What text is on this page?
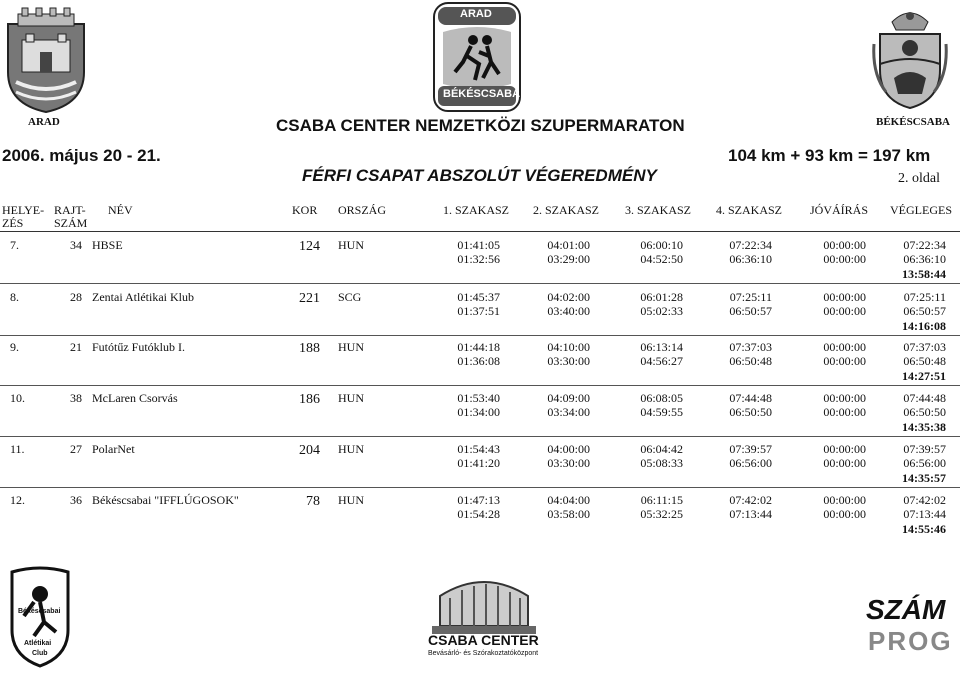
ARAD
ARAD
BÉKÉSCSABA
BÉKÉSCSABA
CSABA CENTER NEMZETKÖZI SZUPERMARATON
2006. május 20 - 21.	104 km + 93 km = 197 km
FÉRFI CSAPAT ABSZOLÚT VÉGEREDMÉNY	2. oldal
HELYE-
ZÉS
RAJT-
SZÁM
NÉV	KOR ORSZÁG	1. SZAKASZ 2. SZAKASZ 3. SZAKASZ 4. SZAKASZ JÓVÁÍRÁS VÉGLEGES
7.	34 HBSE	124 HUN	01:41:05	04:01:00	06:00:10	07:22:34	00:00:00	07:22:34
01:32:56	03:29:00	04:52:50	06:36:10	00:00:00	06:36:10
13:58:44
8.	28 Zentai Atlétikai Klub	221 SCG	01:45:37	04:02:00	06:01:28	07:25:11	00:00:00	07:25:11
01:37:51	03:40:00	05:02:33	06:50:57	00:00:00	06:50:57
14:16:08
9.	21 Futótűz Futóklub I.	188 HUN	01:44:18	04:10:00	06:13:14	07:37:03	00:00:00	07:37:03
01:36:08	03:30:00	04:56:27	06:50:48	00:00:00	06:50:48
14:27:51
10.	38 McLaren Csorvás	186 HUN	01:53:40	04:09:00	06:08:05	07:44:48	00:00:00	07:44:48
01:34:00	03:34:00	04:59:55	06:50:50	00:00:00	06:50:50
14:35:38
11.	27 PolarNet	204 HUN	01:54:43	04:00:00	06:04:42	07:39:57	00:00:00	07:39:57
01:41:20	03:30:00	05:08:33	06:56:00	00:00:00	06:56:00
14:35:57
12.	36 Békéscsabai "IFFLÚGOSOK"	78 HUN	01:47:13	04:04:00	06:11:15	07:42:02	00:00:00	07:42:02
01:54:28	03:58:00	05:32:25	07:13:44	00:00:00	07:13:44
14:55:46
Békéscsabai
Atlétikai
Club
CSABA CENTER
Bevásárló- és Szórakoztatóközpont
SZÁM
PROG
